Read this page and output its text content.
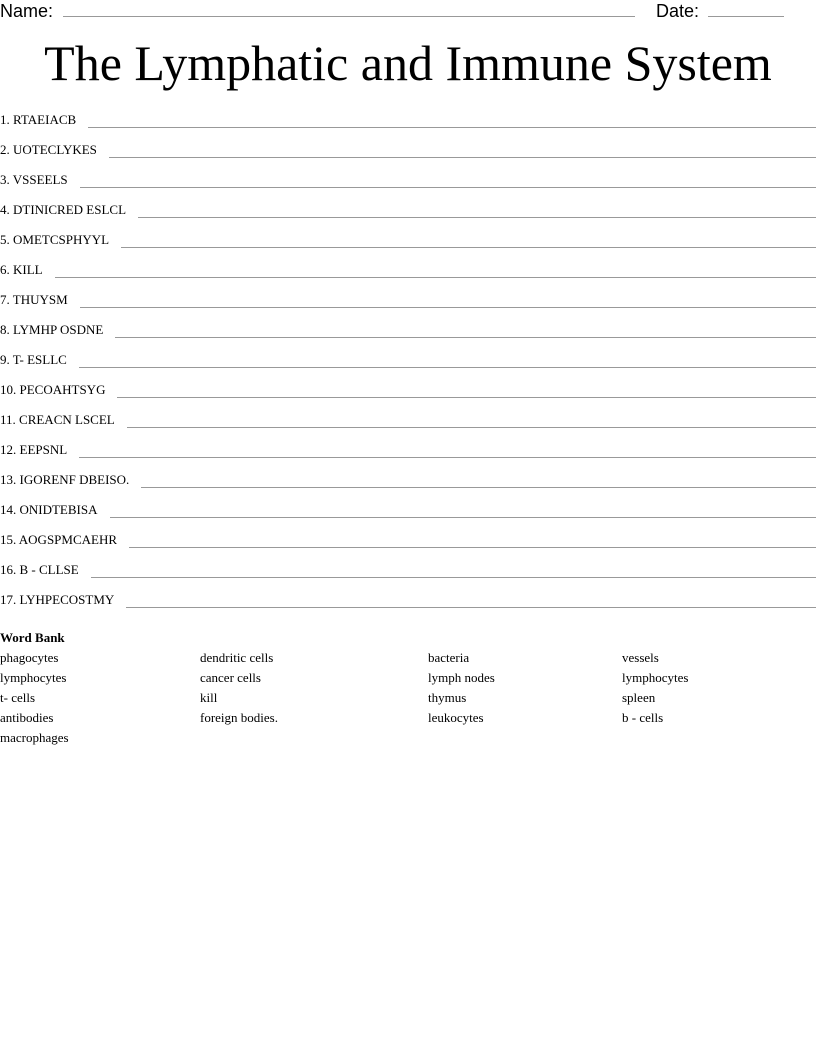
Name:	Date:
The Lymphatic and Immune System
1. RTAEIACB
2. UOTECLYKES
3. VSSEELS
4. DTINICRED ESLCL
5. OMETCSPHYYL
6. KILL
7. THUYSM
8. LYMHP OSDNE
9. T- ESLLC
10. PECOAHTSYG
11. CREACN LSCEL
12. EEPSNL
13. IGORENF DBEISO.
14. ONIDTEBISA
15. AOGSPMCAEHR
16. B - CLLSE
17. LYHPECOSTMY
Word Bank
phagocytes
lymphocytes
t- cells
antibodies
macrophages
dendritic cells
cancer cells
kill
foreign bodies.
bacteria
lymph nodes
thymus
leukocytes
vessels
lymphocytes
spleen
b - cells
